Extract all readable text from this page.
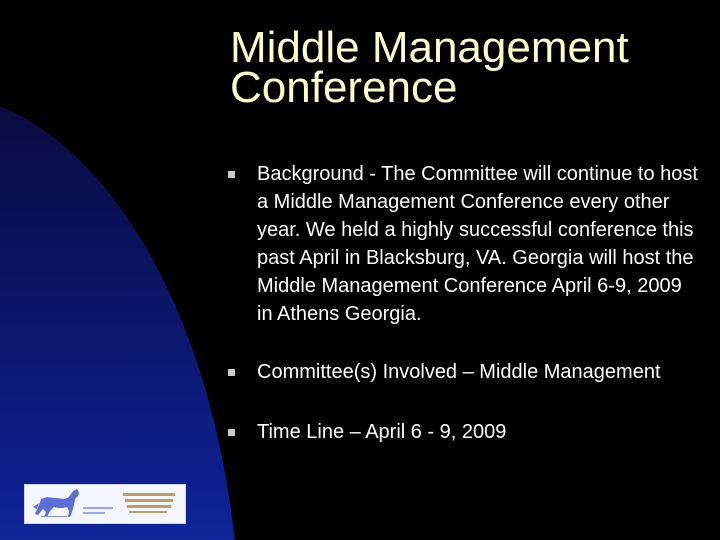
Middle Management
Conference
Background - The Committee will continue to host a Middle Management Conference every other year. We held a highly successful conference this past April in Blacksburg, VA. Georgia will host the Middle Management Conference April 6-9, 2009 in Athens Georgia.
Committee(s) Involved – Middle Management
Time Line – April 6 - 9, 2009
